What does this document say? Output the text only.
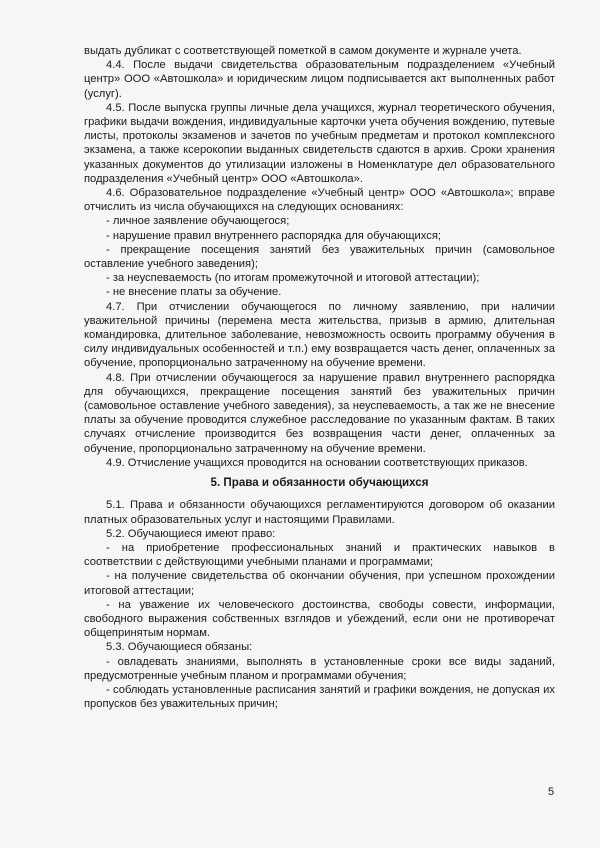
выдать дубликат с соответствующей пометкой в самом документе и журнале учета.

4.4. После выдачи свидетельства образовательным подразделением «Учебный центр» ООО «Автошкола» и юридическим лицом подписывается акт выполненных работ (услуг).

4.5. После выпуска группы личные дела учащихся, журнал теоретического обучения, графики выдачи вождения, индивидуальные карточки учета обучения вождению, путевые листы, протоколы экзаменов и зачетов по учебным предметам и протокол комплексного экзамена, а также ксерокопии выданных свидетельств сдаются в архив. Сроки хранения указанных документов до утилизации изложены в Номенклатуре дел образовательного подразделения «Учебный центр» ООО «Автошкола».

4.6. Образовательное подразделение «Учебный центр» ООО «Автошкола»; вправе отчислить из числа обучающихся на следующих основаниях:

- личное заявление обучающегося;

- нарушение правил внутреннего распорядка для обучающихся;

- прекращение посещения занятий без уважительных причин (самовольное оставление учебного заведения);

- за неуспеваемость (по итогам промежуточной и итоговой аттестации);

- не внесение платы за обучение.

4.7. При отчислении обучающегося по личному заявлению, при наличии уважительной причины (перемена места жительства, призыв в армию, длительная командировка, длительное заболевание, невозможность освоить программу обучения в силу индивидуальных особенностей и т.п.) ему возвращается часть денег, оплаченных за обучение, пропорционально затраченному на обучение времени.

4.8. При отчислении обучающегося за нарушение правил внутреннего распорядка для обучающихся, прекращение посещения занятий без уважительных причин (самовольное оставление учебного заведения), за неуспеваемость, а так же не внесение платы за обучение проводится служебное расследование по указанным фактам. В таких случаях отчисление производится без возвращения части денег, оплаченных за обучение, пропорционально затраченному на обучение времени.

4.9. Отчисление учащихся проводится на основании соответствующих приказов.

5. Права и обязанности обучающихся

5.1. Права и обязанности обучающихся регламентируются договором об оказании платных образовательных услуг и настоящими Правилами.

5.2. Обучающиеся имеют право:

- на приобретение профессиональных знаний и практических навыков в соответствии с действующими учебными планами и программами;

- на получение свидетельства об окончании обучения, при успешном прохождении итоговой аттестации;

- на уважение их человеческого достоинства, свободы совести, информации, свободного выражения собственных взглядов и убеждений, если они не противоречат общепринятым нормам.

5.3. Обучающиеся обязаны:

- овладевать знаниями, выполнять в установленные сроки все виды заданий, предусмотренные учебным планом и программами обучения;

- соблюдать установленные расписания занятий и графики вождения, не допуская их пропусков без уважительных причин;

5
